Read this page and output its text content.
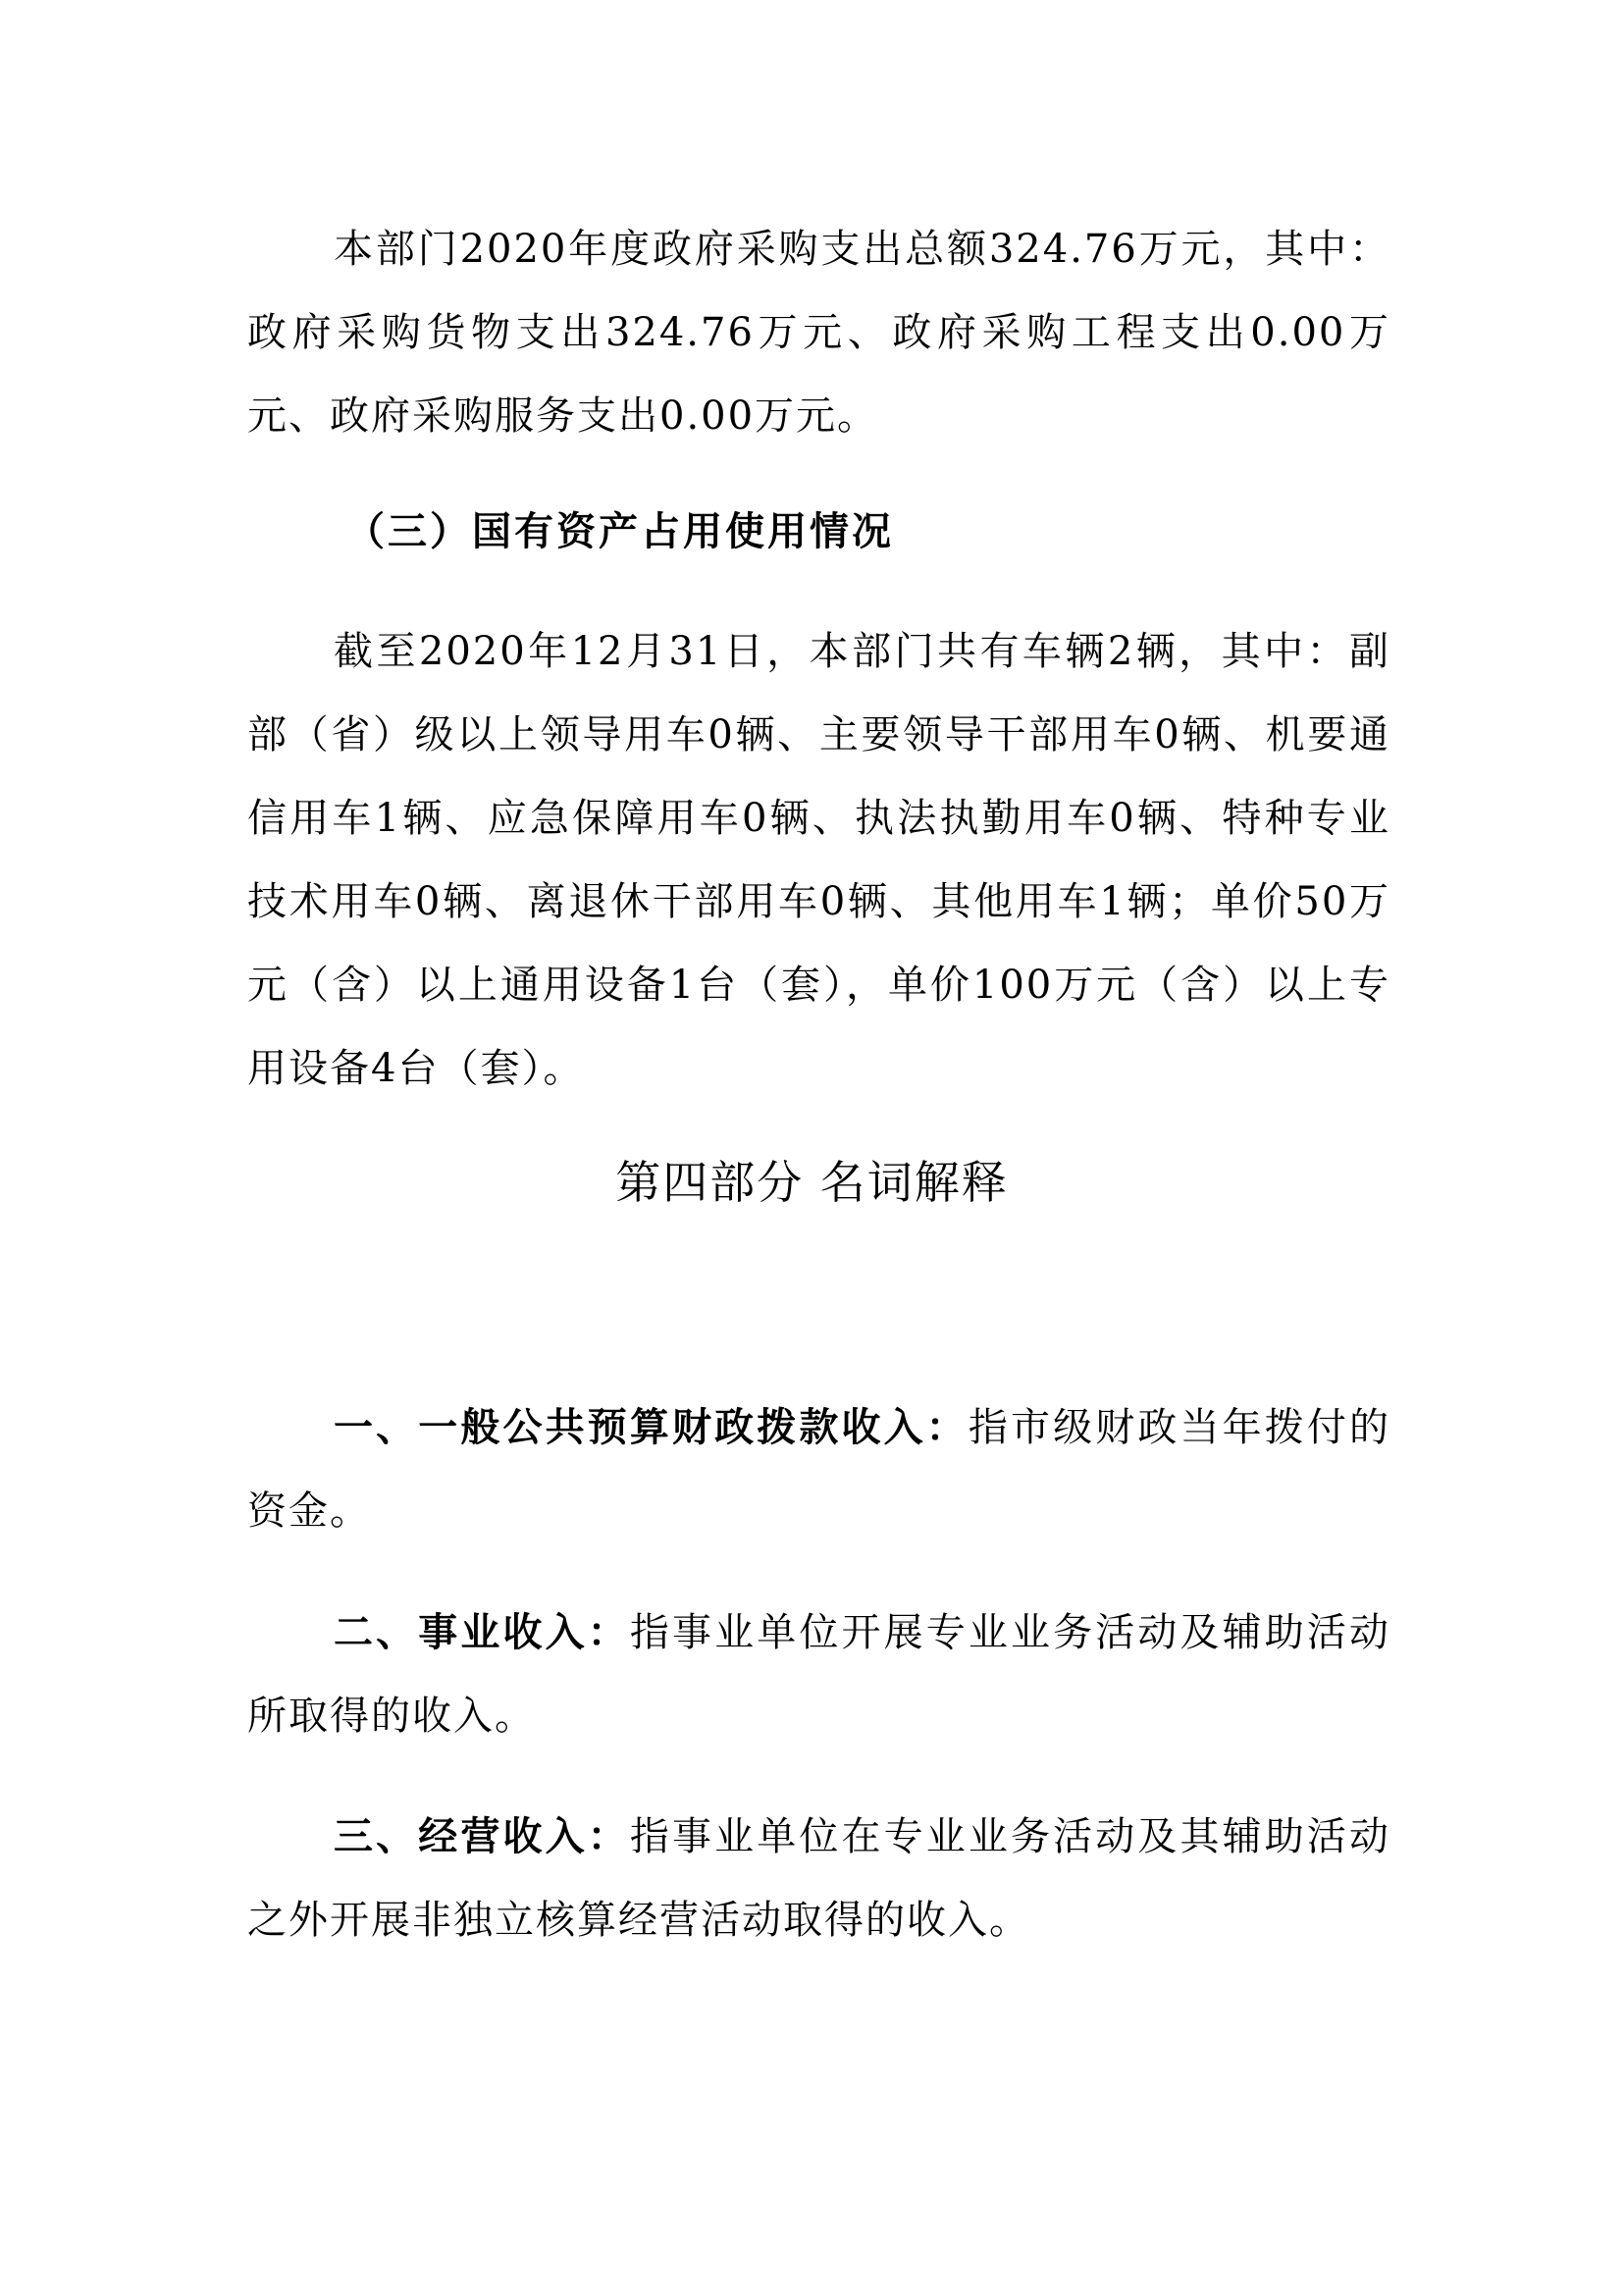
本部门2020年度政府采购支出总额324.76万元，其中：政府采购货物支出324.76万元、政府采购工程支出0.00万元、政府采购服务支出0.00万元。

（三）国有资产占用使用情况

截至2020年12月31日，本部门共有车辆2辆，其中：副部（省）级以上领导用车0辆、主要领导干部用车0辆、机要通信用车1辆、应急保障用车0辆、执法执勤用车0辆、特种专业技术用车0辆、离退休干部用车0辆、其他用车1辆；单价50万元（含）以上通用设备1台（套），单价100万元（含）以上专用设备4台（套）。

第四部分 名词解释

一、一般公共预算财政拨款收入：指市级财政当年拨付的资金。

二、事业收入：指事业单位开展专业业务活动及辅助活动所取得的收入。

三、经营收入：指事业单位在专业业务活动及其辅助活动之外开展非独立核算经营活动取得的收入。
